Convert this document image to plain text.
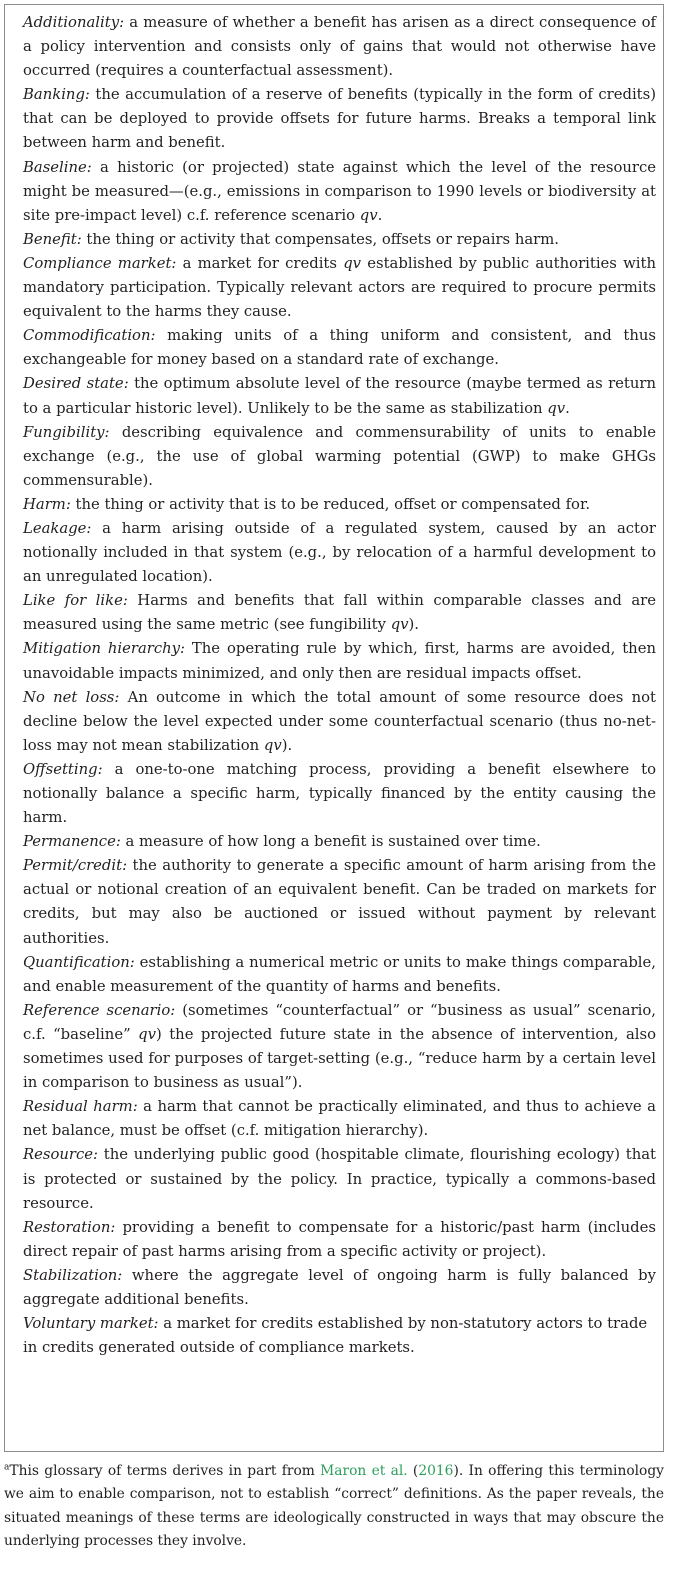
Additionality: a measure of whether a benefit has arisen as a direct consequence of a policy intervention and consists only of gains that would not otherwise have occurred (requires a counterfactual assessment).

Banking: the accumulation of a reserve of benefits (typically in the form of credits) that can be deployed to provide offsets for future harms. Breaks a temporal link between harm and benefit.

Baseline: a historic (or projected) state against which the level of the resource might be measured—(e.g., emissions in comparison to 1990 levels or biodiversity at site pre-impact level) c.f. reference scenario qv.

Benefit: the thing or activity that compensates, offsets or repairs harm.

Compliance market: a market for credits qv established by public authorities with mandatory participation. Typically relevant actors are required to procure permits equivalent to the harms they cause.

Commodification: making units of a thing uniform and consistent, and thus exchangeable for money based on a standard rate of exchange.

Desired state: the optimum absolute level of the resource (maybe termed as return to a particular historic level). Unlikely to be the same as stabilization qv.

Fungibility: describing equivalence and commensurability of units to enable exchange (e.g., the use of global warming potential (GWP) to make GHGs commensurable).

Harm: the thing or activity that is to be reduced, offset or compensated for.

Leakage: a harm arising outside of a regulated system, caused by an actor notionally included in that system (e.g., by relocation of a harmful development to an unregulated location).

Like for like: Harms and benefits that fall within comparable classes and are measured using the same metric (see fungibility qv).

Mitigation hierarchy: The operating rule by which, first, harms are avoided, then unavoidable impacts minimized, and only then are residual impacts offset.

No net loss: An outcome in which the total amount of some resource does not decline below the level expected under some counterfactual scenario (thus no-net-loss may not mean stabilization qv).

Offsetting: a one-to-one matching process, providing a benefit elsewhere to notionally balance a specific harm, typically financed by the entity causing the harm.

Permanence: a measure of how long a benefit is sustained over time.

Permit/credit: the authority to generate a specific amount of harm arising from the actual or notional creation of an equivalent benefit. Can be traded on markets for credits, but may also be auctioned or issued without payment by relevant authorities.

Quantification: establishing a numerical metric or units to make things comparable, and enable measurement of the quantity of harms and benefits.

Reference scenario: (sometimes “counterfactual” or “business as usual” scenario, c.f. “baseline” qv) the projected future state in the absence of intervention, also sometimes used for purposes of target-setting (e.g., “reduce harm by a certain level in comparison to business as usual”).

Residual harm: a harm that cannot be practically eliminated, and thus to achieve a net balance, must be offset (c.f. mitigation hierarchy).

Resource: the underlying public good (hospitable climate, flourishing ecology) that is protected or sustained by the policy. In practice, typically a commons-based resource.

Restoration: providing a benefit to compensate for a historic/past harm (includes direct repair of past harms arising from a specific activity or project).

Stabilization: where the aggregate level of ongoing harm is fully balanced by aggregate additional benefits.

Voluntary market: a market for credits established by non-statutory actors to trade in credits generated outside of compliance markets.

$^a$This glossary of terms derives in part from Maron et al. (2016). In offering this terminology we aim to enable comparison, not to establish “correct” definitions. As the paper reveals, the situated meanings of these terms are ideologically constructed in ways that may obscure the underlying processes they involve.
